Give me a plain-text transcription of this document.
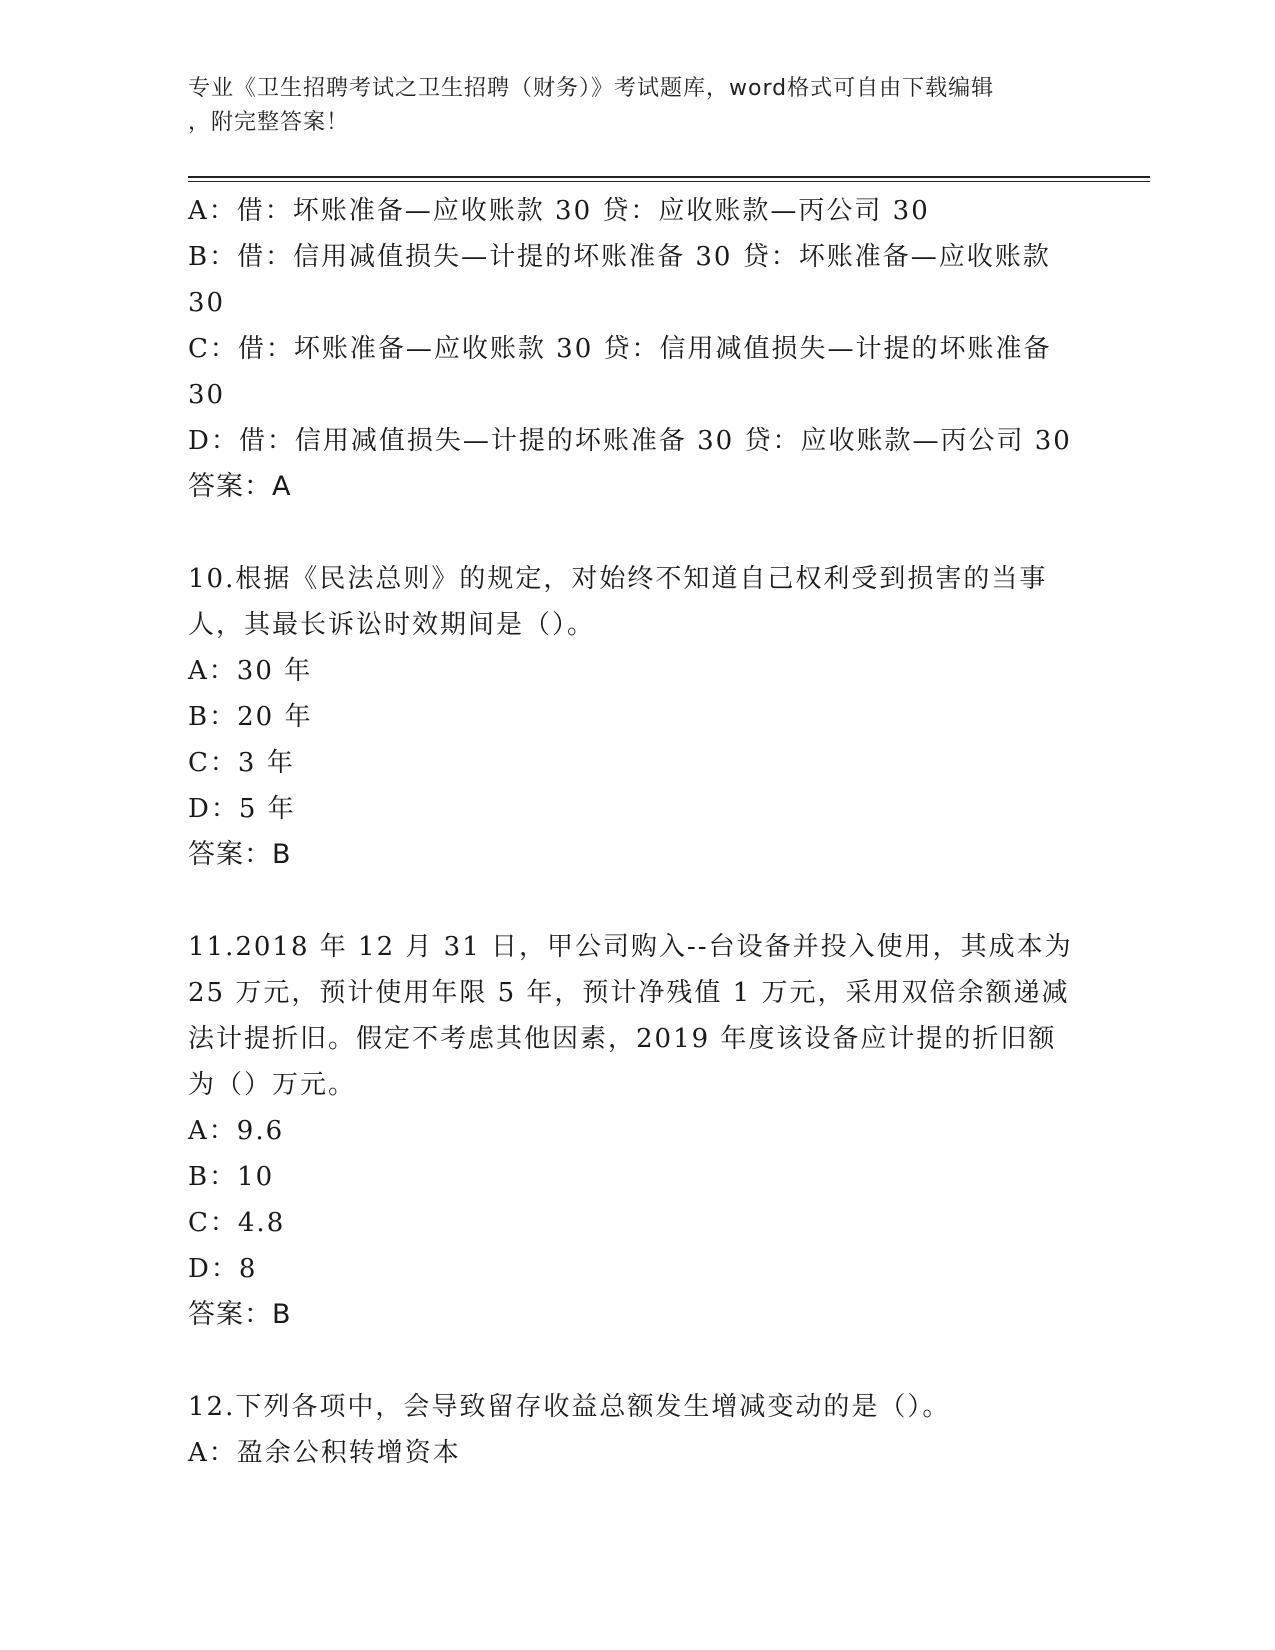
专业《卫生招聘考试之卫生招聘（财务）》考试题库，word格式可自由下载编辑

，附完整答案！

A：借：坏账准备—应收账款 30 贷：应收账款—丙公司 30

B：借：信用减值损失—计提的坏账准备 30 贷：坏账准备—应收账款

30

C：借：坏账准备—应收账款 30 贷：信用减值损失—计提的坏账准备

30

D：借：信用减值损失—计提的坏账准备 30 贷：应收账款—丙公司 30

答案：A

10.根据《民法总则》的规定，对始终不知道自己权利受到损害的当事

人，其最长诉讼时效期间是（）。

A：30 年

B：20 年

C：3 年

D：5 年

答案：B

11.2018 年 12 月 31 日，甲公司购入--台设备并投入使用，其成本为

25 万元，预计使用年限 5 年，预计净残值 1 万元，采用双倍余额递减

法计提折旧。假定不考虑其他因素，2019 年度该设备应计提的折旧额

为（）万元。

A：9.6

B：10

C：4.8

D：8

答案：B

12.下列各项中，会导致留存收益总额发生增减变动的是（）。

A：盈余公积转增资本
